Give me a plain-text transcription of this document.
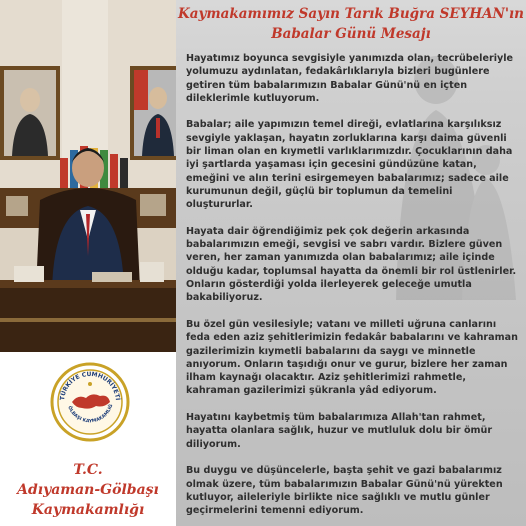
TÜRKİYE CUMHURİYETİ
ÖLBAŞI KAYMAKAMLIĞ
T.C.
Adıyaman-Gölbaşı
Kaymakamlığı
Kaymakamımız Sayın Tarık Buğra SEYHAN'ın
Babalar Günü Mesajı

Hayatımız boyunca sevgisiyle yanımızda olan, tecrübeleriyle yolumuzu aydınlatan, fedakârlıklarıyla bizleri bugünlere getiren tüm babalarımızın Babalar Günü'nü en içten dileklerimle kutluyorum.

Babalar; aile yapımızın temel direği, evlatlarına karşılıksız sevgiyle yaklaşan, hayatın zorluklarına karşı daima güvenli bir liman olan en kıymetli varlıklarımızdır. Çocuklarının daha iyi şartlarda yaşaması için gecesini gündüzüne katan, emeğini ve alın terini esirgemeyen babalarımız; sadece aile kurumunun değil, güçlü bir toplumun da temelini oluştururlar.

Hayata dair öğrendiğimiz pek çok değerin arkasında babalarımızın emeği, sevgisi ve sabrı vardır. Bizlere güven veren, her zaman yanımızda olan babalarımız; aile içinde olduğu kadar, toplumsal hayatta da önemli bir rol üstlenirler. Onların gösterdiği yolda ilerleyerek geleceğe umutla bakabiliyoruz.

Bu özel gün vesilesiyle; vatanı ve milleti uğruna canlarını feda eden aziz şehitlerimizin fedakâr babalarını ve kahraman gazilerimizin kıymetli babalarını da saygı ve minnetle anıyorum. Onların taşıdığı onur ve gurur, bizlere her zaman ilham kaynağı olacaktır. Aziz şehitlerimizi rahmetle, kahraman gazilerimizi şükranla yâd ediyorum.

Hayatını kaybetmiş tüm babalarımıza Allah'tan rahmet, hayatta olanlara sağlık, huzur ve mutluluk dolu bir ömür diliyorum.

Bu duygu ve düşüncelerle, başta şehit ve gazi babalarımız olmak üzere, tüm babalarımızın Babalar Günü'nü yürekten kutluyor, aileleriyle birlikte nice sağlıklı ve mutlu günler geçirmelerini temenni ediyorum.
